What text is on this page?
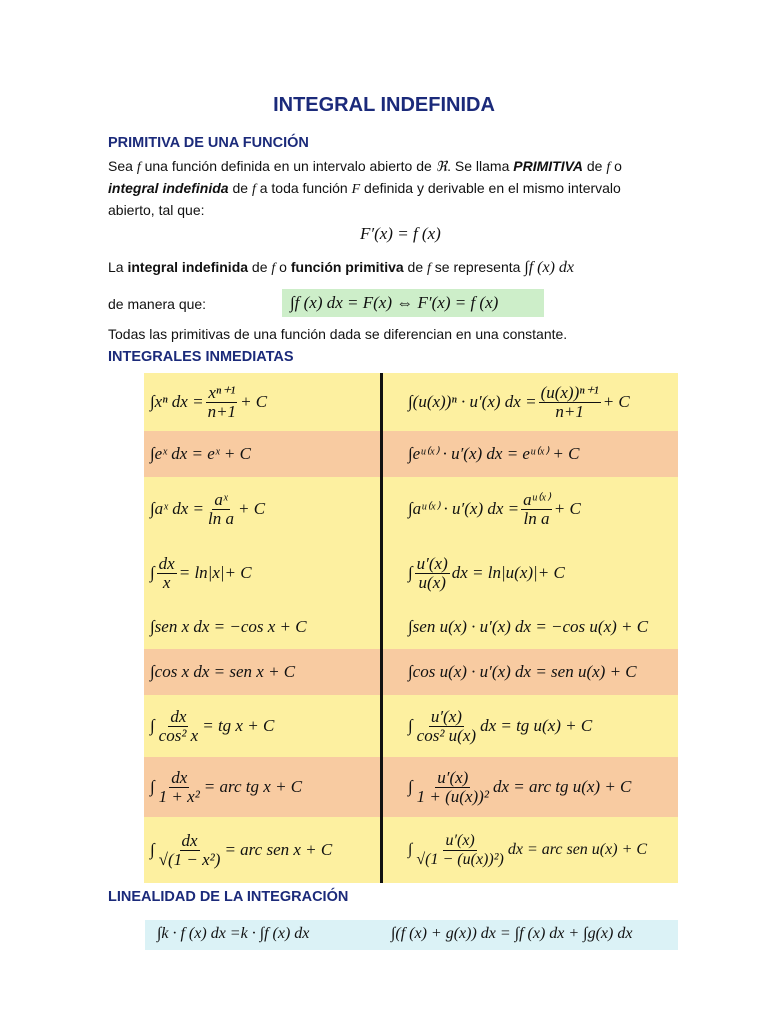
INTEGRAL INDEFINIDA
PRIMITIVA DE UNA FUNCIÓN
Sea f una función definida en un intervalo abierto de ℜ. Se llama PRIMITIVA de f o
integral indefinida de f a toda función F definida y derivable en el mismo intervalo
abierto, tal que:
F′(x) = f (x)
La integral indefinida de f o función primitiva de f se representa ∫f (x) dx
de manera que:	∫f (x) dx = F(x) ⇔ F′(x) = f (x)
Todas las primitivas de una función dada se diferencian en una constante.
INTEGRALES INMEDIATAS
∫xⁿ dx = $\frac{\text{xⁿ⁺¹}}{n+1} + C$	∫(u(x))ⁿ · u′(x) dx = $\frac{\text{(u(x))ⁿ⁺¹}}{n+1} + C$
∫eˣ dx = eˣ + C	∫eᵘ⁽ˣ⁾ · u′(x) dx = eᵘ⁽ˣ⁾ + C
∫aˣ dx = $\frac{\text{aˣ}}{\text{ln a}} + C$	∫aᵘ⁽ˣ⁾ · u′(x) dx = $\frac{\text{aᵘ⁽ˣ⁾}}{\text{ln a}} + C$
∫ $\frac{dx}{x} = \ln|x|+ C$	∫ $\frac{u'(x)}{u(x)}$ dx = ln|u(x)|+ C
∫sen x dx = −cos x + C	∫sen u(x) · u′(x) dx = −cos u(x) + C
∫cos x dx = sen x + C	∫cos u(x) · u′(x) dx = sen u(x) + C
∫ $\frac{dx}{\text{cos² x}}$ = tg x + C	∫ $\frac{u'(x)}{\text{cos² u(x)}}$ dx = tg u(x) + C
∫ $\frac{dx}{\text{1 + x²}}$ = arc tg x + C	∫ $\frac{u'(x)}{\text{1 + (u(x))²}}$ dx = arc tg u(x) + C
∫ $\frac{dx}{\text{√(1 − x²)}}$ = arc sen x + C	∫ $\frac{u'(x)}{\text{√(1 − (u(x))²)}}$ dx = arc sen u(x) + C
LINEALIDAD DE LA INTEGRACIÓN
∫k · f (x) dx =k · ∫f (x) dx	∫(f (x) + g(x)) dx = ∫f (x) dx + ∫g(x) dx
